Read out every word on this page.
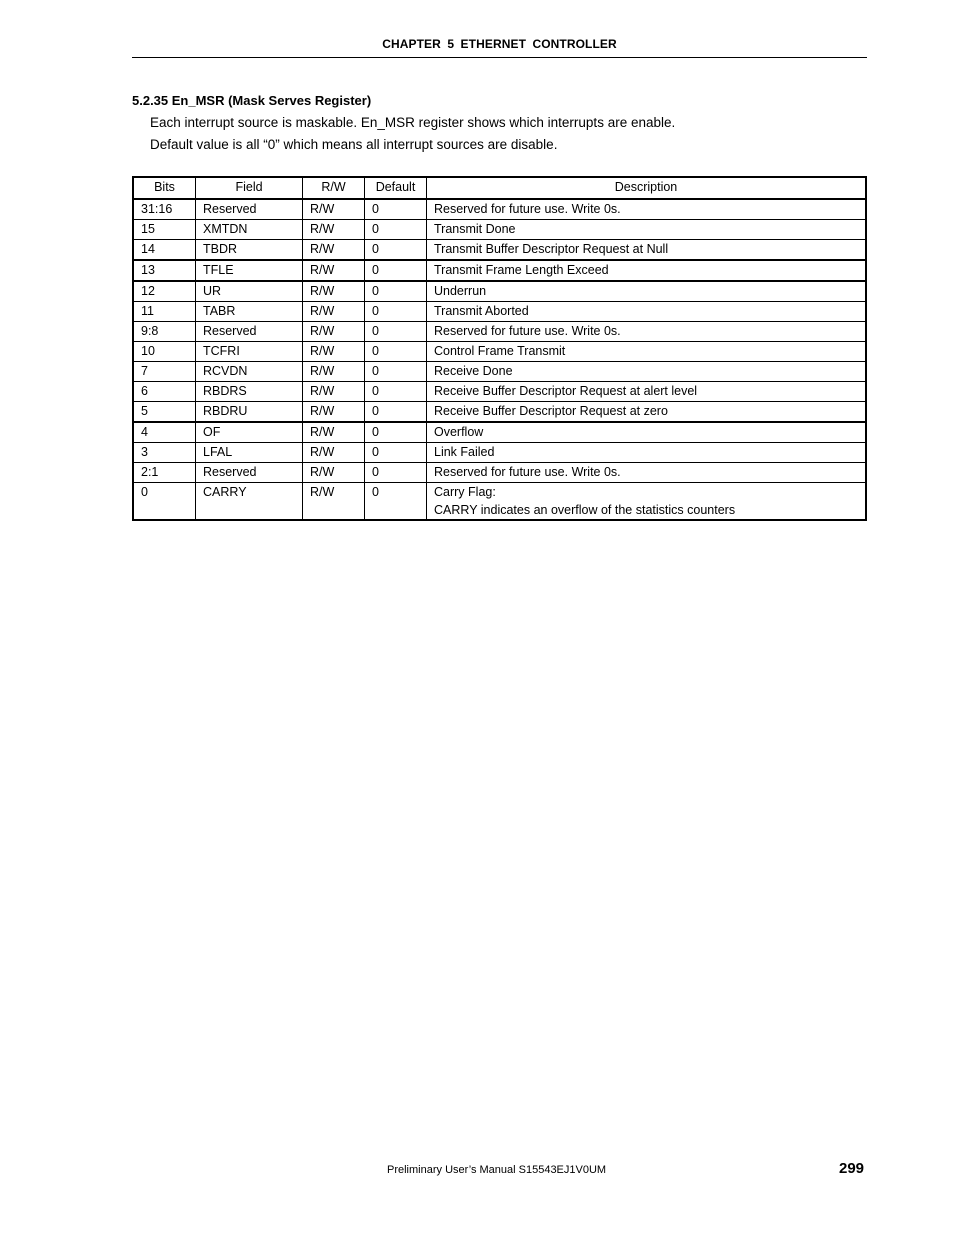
CHAPTER 5 ETHERNET CONTROLLER
5.2.35 En_MSR (Mask Serves Register)
Each interrupt source is maskable. En_MSR register shows which interrupts are enable.
Default value is all “0” which means all interrupt sources are disable.
Bits	Field	R/W	Default	Description
31:16	Reserved	R/W	0	Reserved for future use. Write 0s.
15	XMTDN	R/W	0	Transmit Done
14	TBDR	R/W	0	Transmit Buffer Descriptor Request at Null
13	TFLE	R/W	0	Transmit Frame Length Exceed
12	UR	R/W	0	Underrun
11	TABR	R/W	0	Transmit Aborted
9:8	Reserved	R/W	0	Reserved for future use. Write 0s.
10	TCFRI	R/W	0	Control Frame Transmit
7	RCVDN	R/W	0	Receive Done
6	RBDRS	R/W	0	Receive Buffer Descriptor Request at alert level
5	RBDRU	R/W	0	Receive Buffer Descriptor Request at zero
4	OF	R/W	0	Overflow
3	LFAL	R/W	0	Link Failed
2:1	Reserved	R/W	0	Reserved for future use. Write 0s.
0	CARRY	R/W	0	Carry Flag:
CARRY indicates an overflow of the statistics counters
Preliminary User’s Manual S15543EJ1V0UM	299
